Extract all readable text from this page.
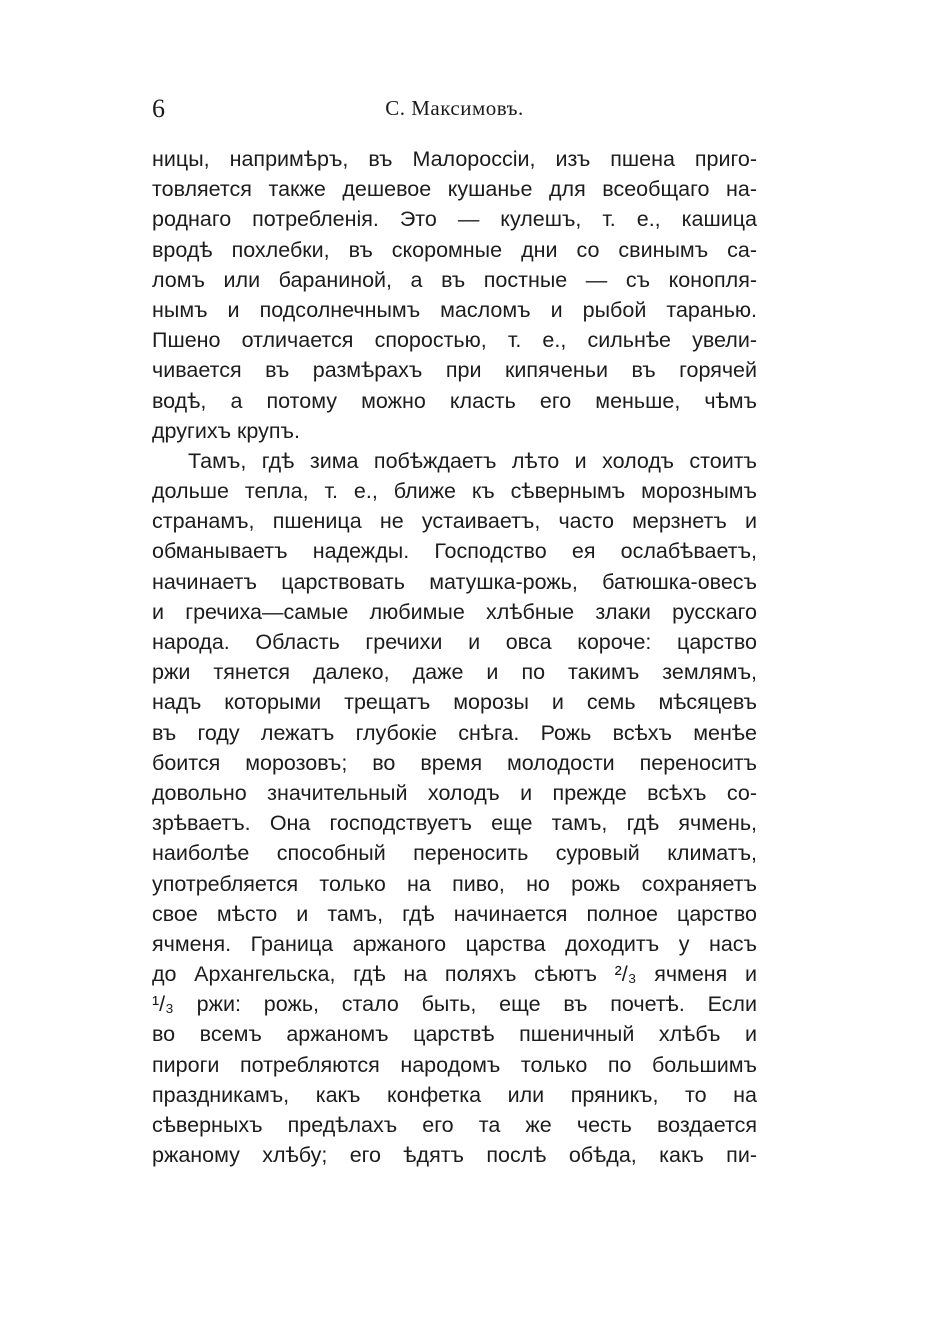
6	С. Максимовъ.
ницы, напримѣръ, въ Малороссіи, изъ пшена приго-
товляется также дешевое кушанье для всеобщаго на-
роднаго потребленія. Это — кулешъ, т. е., кашица
вродѣ похлебки, въ скоромные дни со свинымъ са-
ломъ или бараниной, а въ постные — съ конопля-
нымъ и подсолнечнымъ масломъ и рыбой таранью.
Пшено отличается споростью, т. е., сильнѣе увели-
чивается въ размѣрахъ при кипяченьи въ горячей
водѣ, а потому можно класть его меньше, чѣмъ
другихъ крупъ.
Тамъ, гдѣ зима побѣждаетъ лѣто и холодъ стоитъ
дольше тепла, т. е., ближе къ сѣвернымъ морознымъ
странамъ, пшеница не устаиваетъ, часто мерзнетъ и
обманываетъ надежды. Господство ея ослабѣваетъ,
начинаетъ царствовать матушка-рожь, батюшка-овесъ
и гречиха—самые любимые хлѣбные злаки русскаго
народа. Область гречихи и овса короче: царство
ржи тянется далеко, даже и по такимъ землямъ,
надъ которыми трещатъ морозы и семь мѣсяцевъ
въ году лежатъ глубокіе снѣга. Рожь всѣхъ менѣе
боится морозовъ; во время молодости переноситъ
довольно значительный холодъ и прежде всѣхъ со-
зрѣваетъ. Она господствуетъ еще тамъ, гдѣ ячмень,
наиболѣе способный переносить суровый климатъ,
употребляется только на пиво, но рожь сохраняетъ
свое мѣсто и тамъ, гдѣ начинается полное царство
ячменя. Граница аржаного царства доходитъ у насъ
до Архангельска, гдѣ на поляхъ сѣютъ ²/₃ ячменя и
¹/₃ ржи: рожь, стало быть, еще въ почетѣ. Если
во всемъ аржаномъ царствѣ пшеничный хлѣбъ и
пироги потребляются народомъ только по большимъ
праздникамъ, какъ конфетка или пряникъ, то на
сѣверныхъ предѣлахъ его та же честь воздается
ржаному хлѣбу; его ѣдятъ послѣ обѣда, какъ пи-
